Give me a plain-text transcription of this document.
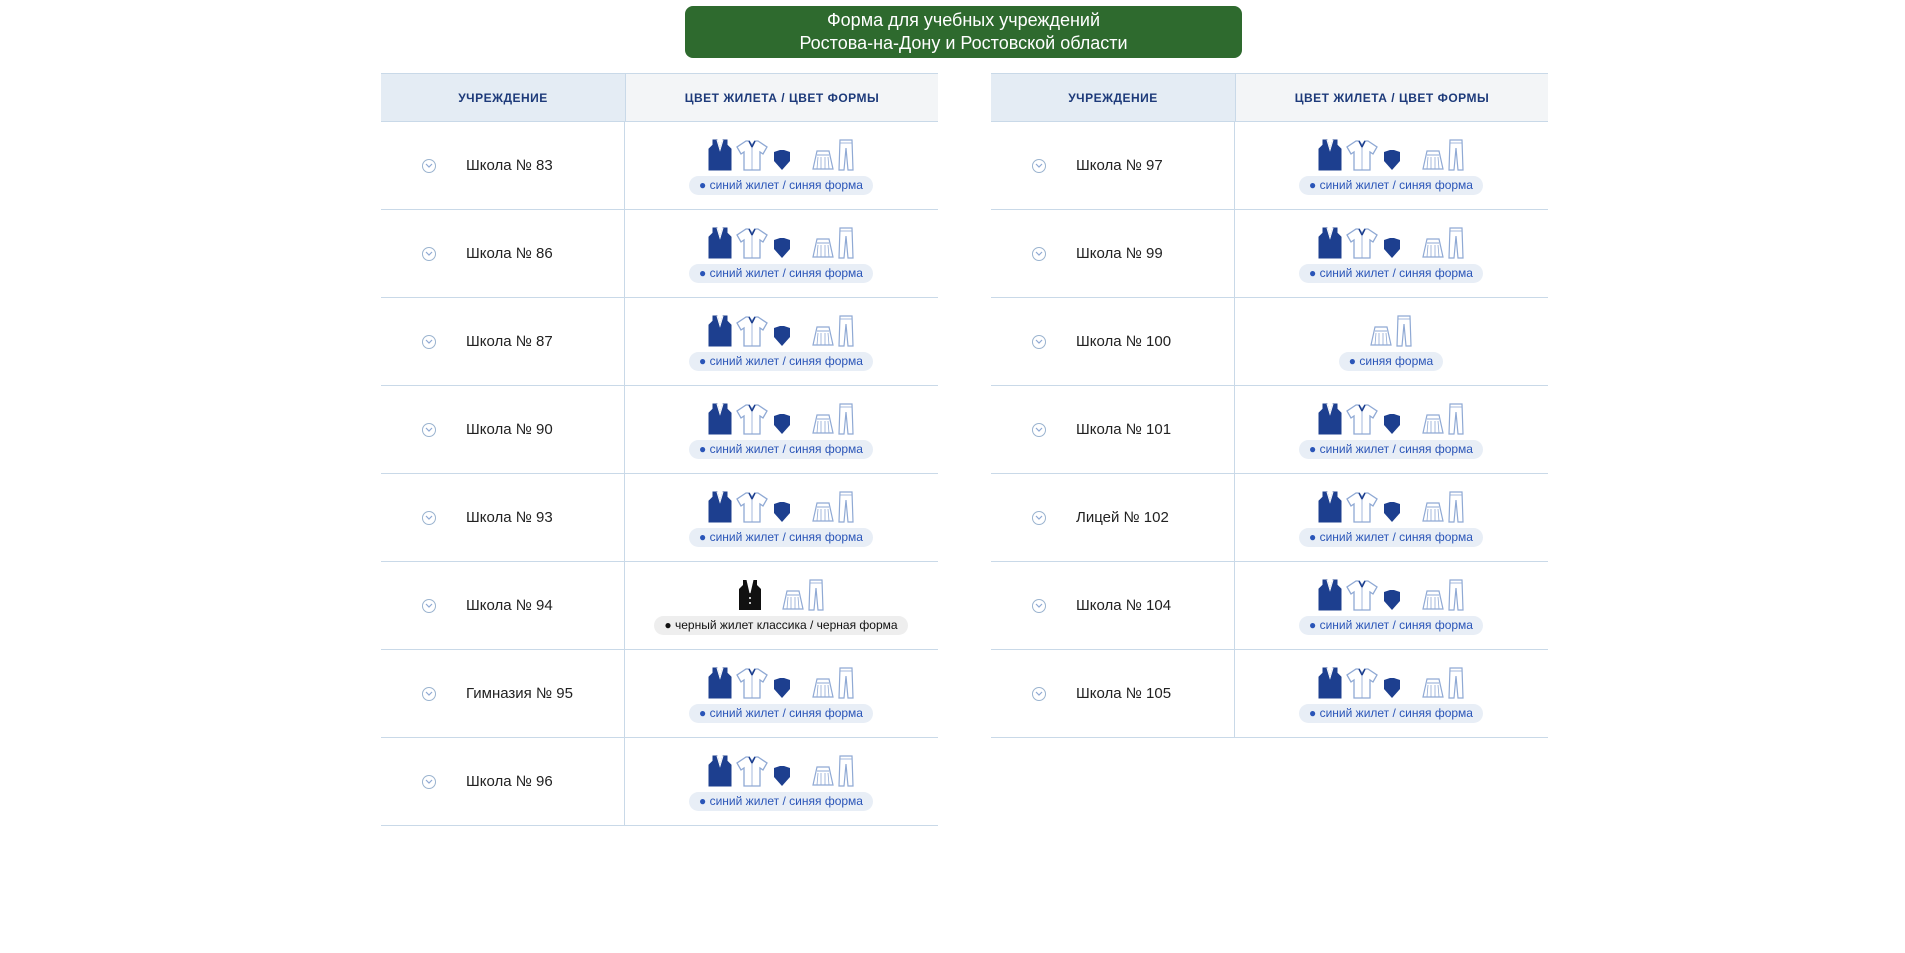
Форма для учебных учреждений
Ростова-на-Дону и Ростовской области
УЧРЕЖДЕНИЕ	ЦВЕТ ЖИЛЕТА / ЦВЕТ ФОРМЫ
Школа № 83
● синий жилет / синяя форма
Школа № 86
● синий жилет / синяя форма
Школа № 87
● синий жилет / синяя форма
Школа № 90
● синий жилет / синяя форма
Школа № 93
● синий жилет / синяя форма
Школа № 94
● черный жилет классика / черная форма
Гимназия № 95
● синий жилет / синяя форма
Школа № 96
● синий жилет / синяя форма
УЧРЕЖДЕНИЕ	ЦВЕТ ЖИЛЕТА / ЦВЕТ ФОРМЫ
Школа № 97
● синий жилет / синяя форма
Школа № 99
● синий жилет / синяя форма
Школа № 100
● синяя форма
Школа № 101
● синий жилет / синяя форма
Лицей № 102
● синий жилет / синяя форма
Школа № 104
● синий жилет / синяя форма
Школа № 105
● синий жилет / синяя форма
